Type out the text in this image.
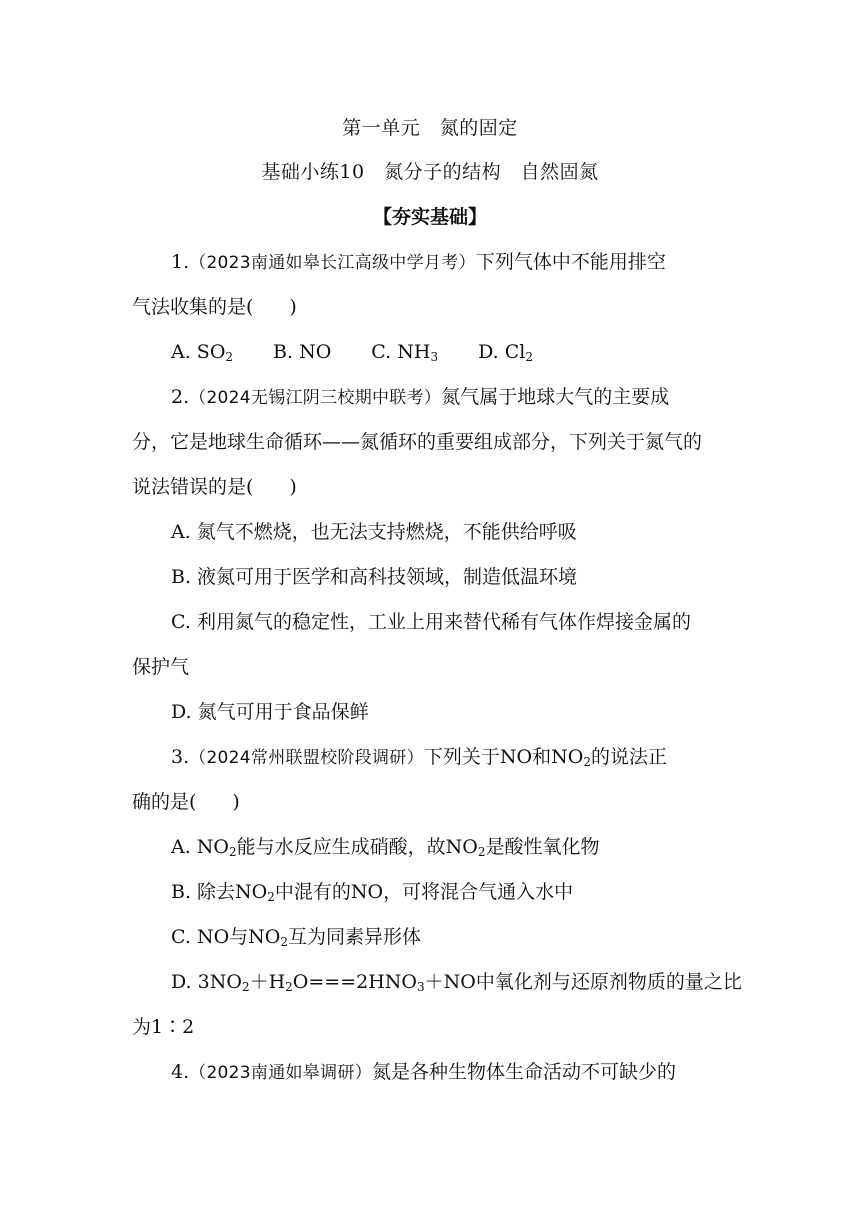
第一单元　氮的固定
基础小练10　氮分子的结构　自然固氮
【夯实基础】
1.（2023南通如皋长江高级中学月考）下列气体中不能用排空
气法收集的是( )
A. $SO_2$ B. NO C. $NH_3$ D. $Cl_2$
2.（2024无锡江阴三校期中联考）氮气属于地球大气的主要成
分，它是地球生命循环——氮循环的重要组成部分，下列关于氮气的
说法错误的是( )
A. 氮气不燃烧，也无法支持燃烧，不能供给呼吸
B. 液氮可用于医学和高科技领域，制造低温环境
C. 利用氮气的稳定性，工业上用来替代稀有气体作焊接金属的
保护气
D. 氮气可用于食品保鲜
3.（2024常州联盟校阶段调研）下列关于NO和$NO_2$的说法正
确的是( )
A. $NO_2$能与水反应生成硝酸，故$NO_2$是酸性氧化物
B. 除去$NO_2$中混有的NO，可将混合气通入水中
C. NO与$NO_2$互为同素异形体
D. $3NO_2+H_2O===2HNO_3+NO$中氧化剂与还原剂物质的量之比
为1∶2
4.（2023南通如皋调研）氮是各种生物体生命活动不可缺少的
